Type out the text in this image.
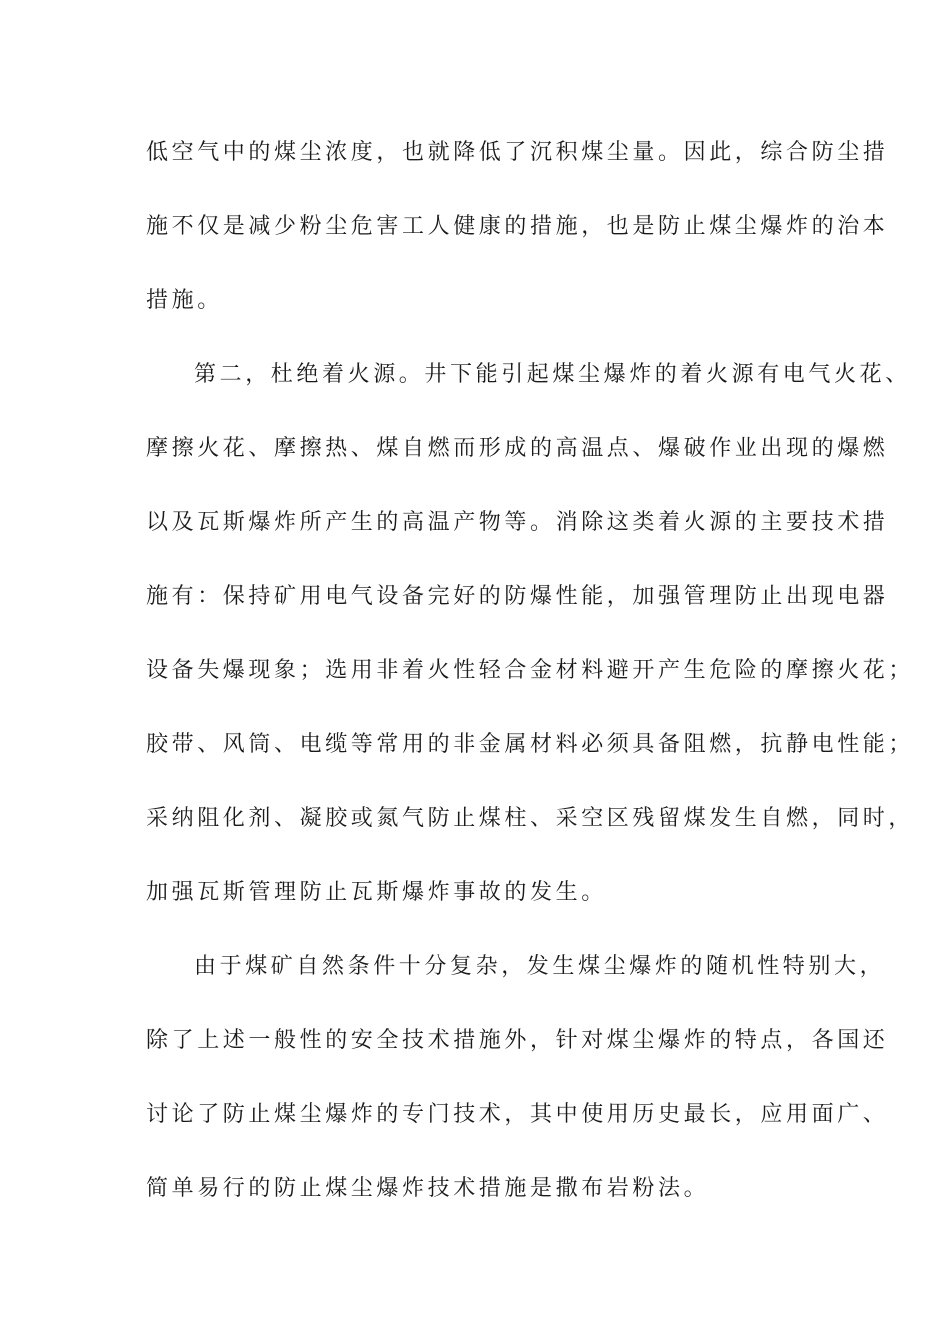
低空气中的煤尘浓度，也就降低了沉积煤尘量。因此，综合防尘措
施不仅是减少粉尘危害工人健康的措施，也是防止煤尘爆炸的治本
措施。
第二，杜绝着火源。井下能引起煤尘爆炸的着火源有电气火花、
摩擦火花、摩擦热、煤自燃而形成的高温点、爆破作业出现的爆燃
以及瓦斯爆炸所产生的高温产物等。消除这类着火源的主要技术措
施有：保持矿用电气设备完好的防爆性能，加强管理防止出现电器
设备失爆现象；选用非着火性轻合金材料避开产生危险的摩擦火花；
胶带、风筒、电缆等常用的非金属材料必须具备阻燃，抗静电性能；
采纳阻化剂、凝胶或氮气防止煤柱、采空区残留煤发生自燃，同时，
加强瓦斯管理防止瓦斯爆炸事故的发生。
由于煤矿自然条件十分复杂，发生煤尘爆炸的随机性特别大，
除了上述一般性的安全技术措施外，针对煤尘爆炸的特点，各国还
讨论了防止煤尘爆炸的专门技术，其中使用历史最长，应用面广、
简单易行的防止煤尘爆炸技术措施是撒布岩粉法。
